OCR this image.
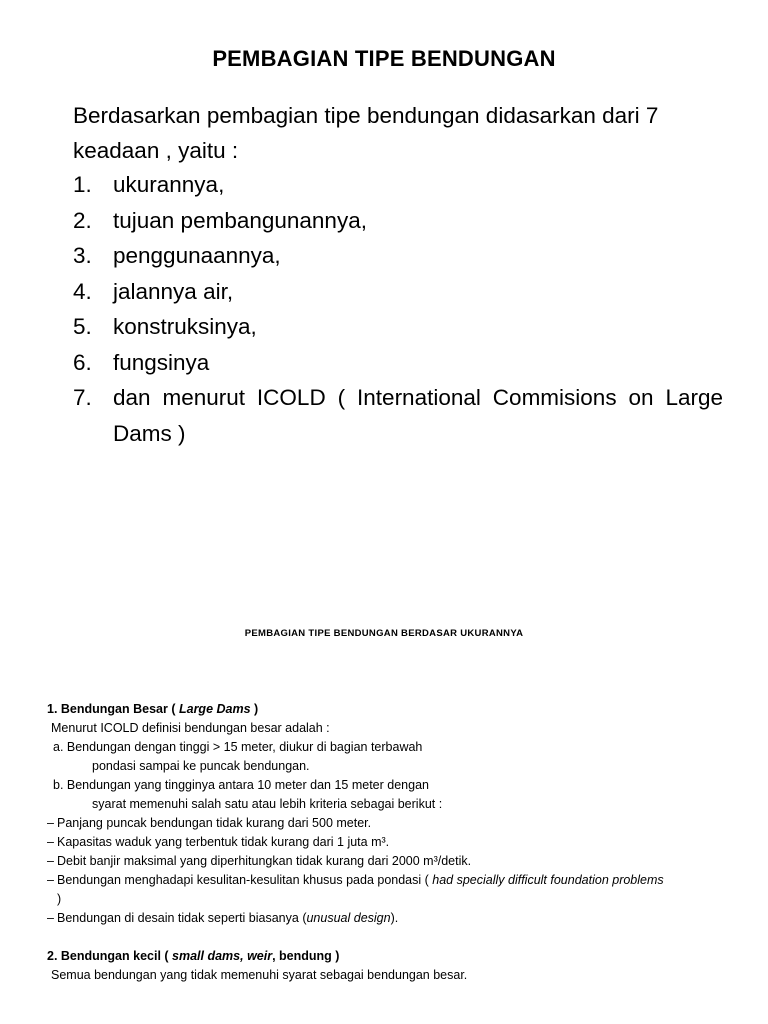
PEMBAGIAN TIPE BENDUNGAN
Berdasarkan pembagian tipe bendungan didasarkan dari 7 keadaan , yaitu :
1. ukurannya,
2. tujuan pembangunannya,
3. penggunaannya,
4. jalannya air,
5. konstruksinya,
6. fungsinya
7. dan menurut ICOLD ( International Commisions on Large Dams )
PEMBAGIAN TIPE BENDUNGAN BERDASAR UKURANNYA
1. Bendungan Besar ( Large Dams )
Menurut ICOLD definisi bendungan besar adalah :
a. Bendungan dengan tinggi > 15 meter, diukur di bagian terbawah
pondasi sampai ke puncak bendungan.
b. Bendungan yang tingginya antara 10 meter dan 15 meter dengan
syarat memenuhi salah satu atau lebih kriteria sebagai berikut :
– Panjang puncak bendungan tidak kurang dari 500 meter.
– Kapasitas waduk yang terbentuk tidak kurang dari 1 juta m³.
– Debit banjir maksimal yang diperhitungkan tidak kurang dari 2000 m³/detik.
– Bendungan menghadapi kesulitan-kesulitan khusus pada pondasi ( had specially difficult foundation problems
)
– Bendungan di desain tidak seperti biasanya (unusual design).
2. Bendungan kecil ( small dams, weir, bendung )
Semua bendungan yang tidak memenuhi syarat sebagai bendungan besar.
